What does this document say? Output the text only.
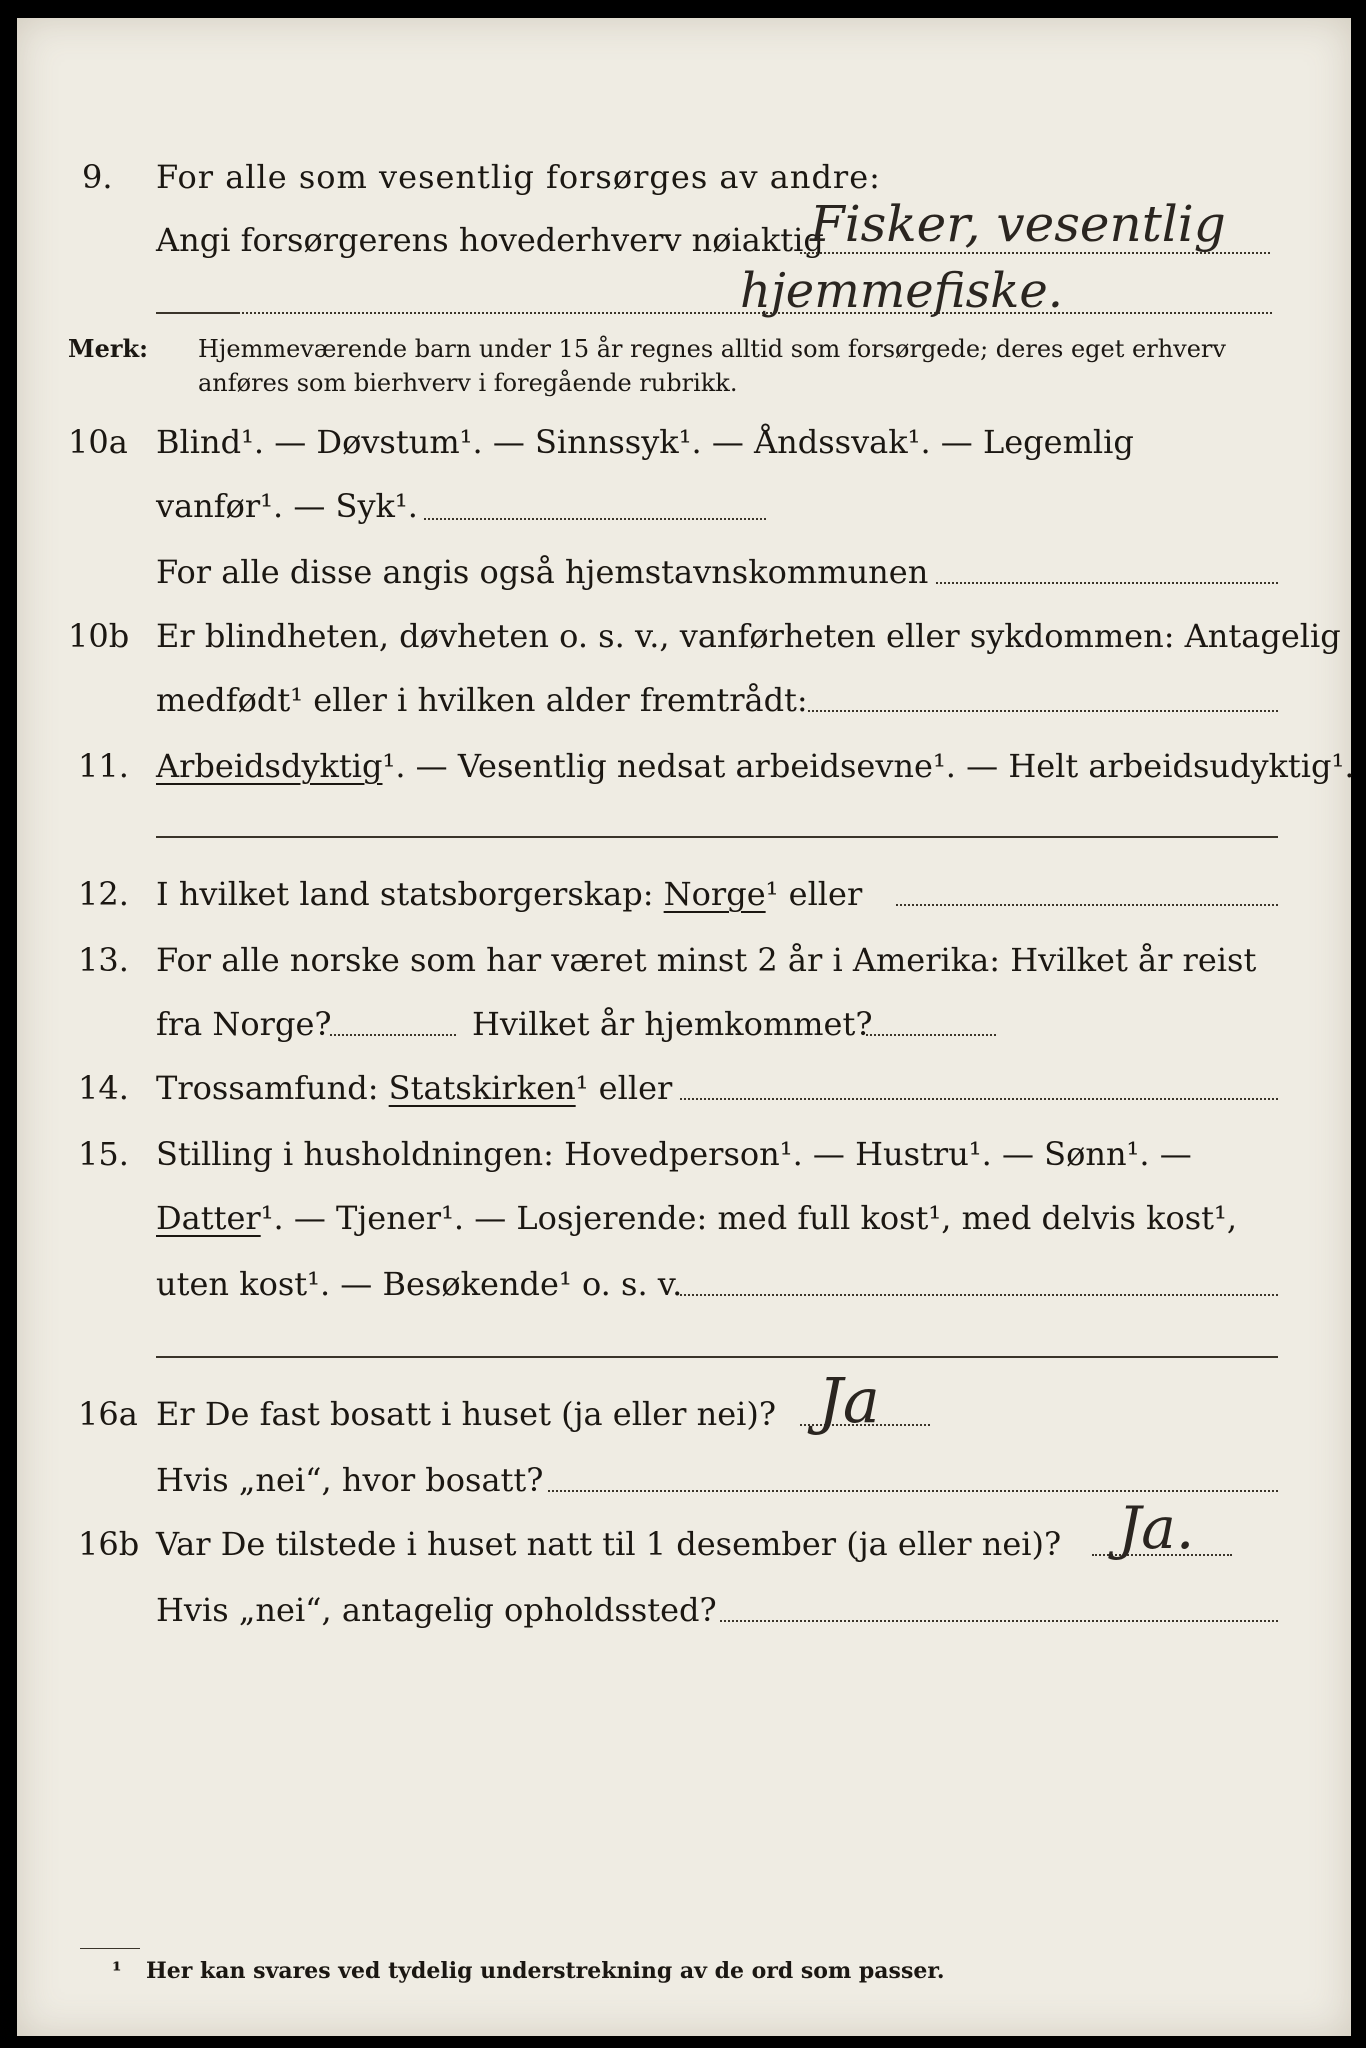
9. For alle som vesentlig forsørges av andre:
Angi forsørgerens hovederhverv nøiaktig
Fisker, vesentlig
hjemmefiske.
Merk: Hjemmeværende barn under 15 år regnes alltid som forsørgede; deres eget erhverv
anføres som bierhverv i foregående rubrikk.
10a Blind¹. — Døvstum¹. — Sinnssyk¹. — Åndssvak¹. — Legemlig
vanfør¹. — Syk¹.
For alle disse angis også hjemstavnskommunen
10b Er blindheten, døvheten o. s. v., vanførheten eller sykdommen: Antagelig
medfødt¹ eller i hvilken alder fremtrådt:
11. Arbeidsdyktig¹. — Vesentlig nedsat arbeidsevne¹. — Helt arbeidsudyktig¹.
12. I hvilket land statsborgerskap: Norge¹ eller
13. For alle norske som har været minst 2 år i Amerika: Hvilket år reist
fra Norge?	Hvilket år hjemkommet?
14. Trossamfund: Statskirken¹ eller
15. Stilling i husholdningen: Hovedperson¹. — Hustru¹. — Sønn¹. —
Datter¹. — Tjener¹. — Losjerende: med full kost¹, med delvis kost¹,
uten kost¹. — Besøkende¹ o. s. v.
16a Er De fast bosatt i huset (ja eller nei)? Ja
Hvis „nei“, hvor bosatt?
16b Var De tilstede i huset natt til 1 desember (ja eller nei)? Ja.
Hvis „nei“, antagelig opholdssted?
¹ Her kan svares ved tydelig understrekning av de ord som passer.
